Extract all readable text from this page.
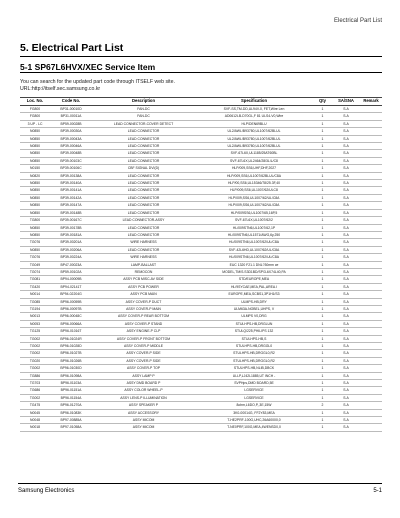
Electrical Part List
5. Electrical Part List
5-1 SP67L6HVX/XEC Service Item
You can search for the updated part code through ITSELF web site.
URL:http://itself.sec.samsung.co.kr
Loc. No.	Code No.	Description	Specification	Qty	SA/SNA	Remark
FG800	BP31-00010D	FAN-DC	SVF-SS,TM-DD,UL94V-0, FET,Wire Len	1	S.A	
FG800	BP31-00011A	FAN-DC	AD0612LB-D70GL,F 81 ULS4-V0,Wire	1	S.A	
3 UP - LC	BP59-00028B	LEAD CONNECTOR-COVER DETECT	HLP/DEN69BLU	1	S.A	
N0850	BP39-00030A	LEAD CONNECTOR	UL2/AWL/B93780,UL1007/62BLUL	1	S.A	
N0850	BP39-00043A	LEAD CONNECTOR	UL2/AWL/B93780,UL1007/62BLUL	1	S.A	
N0850	BP39-00046A	LEAD CONNECTOR	UL2/AWL/B93780,UL1007/62BLUL	1	S.A	
N0850	BP39-00048B	LEAD CONNECTOR	SVF-67L6X,UL1185/25AT60BL	1	S.A	
N0850	BP39-00103C	LEAD CONNECTOR	SVF-67L6X,UL2464/28/3L/L/C8	1	S.A	
N0150	BP39-00106C	CBF SIGNAL DVI(D)	HLP/009,SS6,UHF,DHF,2027	1	S.A	
N0820	BP39-00138A	LEAD CONNECTOR	HLP/009,SS6,UL1007/62BLUL/C8A	1	S.A	
N0850	BP39-00140A	LEAD CONNECTOR	HLP/00,SS6,UL15346/78/25.3F,40	1	S.A	
N0850	BP39-00141A	LEAD CONNECTOR	HLP/009,SS6,UL1007/62/ULC8	1	S.A	
N0850	BP39-00142A	LEAD CONNECTOR	HLP/009,SS6,UL1007/62/UL/C8A	1	S.A	
N0850	BP39-00147A	LEAD CONNECTOR	HLP/009,SS6,UL1007/62/UL/C8A	1	S.A	
N0850	BP39-00148B	LEAD CONNECTOR	HLP/009SS6,UL1007/65,16P,5	1	S.A	
TG800	BP39-00167C	LEAD CONNECTOR-ASSY	SVF-67L6X,UL1007/62/2	1	S.A	
N0850	BP39-00178B	LEAD CONNECTOR	HL/009STN6,UL1007/62,1P	1	S.A	
N0850	BP39-00181A	LEAD CONNECTOR	HL/009STN6,UL1571/AWG,6y,250	1	S.A	
TG076	BP39-00201A	WIRE HARNESS	HL/009STN6,UL1007/62/UL/C8A	1	S.A	
N0850	BP39-00206A	LEAD CONNECTOR	SVF-42L6HD,UL1007/62/UL/C8A	1	S.A	
TG076	BP39-00224A	WIRE HARNESS	HL/009STN6,UL1007/62/UL/C8A	1	S.A	
TG049	BP47-00023A	LAMP-BALLAST	EUC 1320 F21.1 DNL?30mm ce	1	S.A	
TG074	BP59-00102A	REMOCON	MODEL,TM/S.S3D1BD/SP/3-6X74L40,PA	1	S.A	
TG081	BP94-00009B	ASSY PCB MISC-AV SIDE	STD/EUROPE,MEA	1	S.A	
TG420	BP94-02141T	ASSY PCB POWER	HL/9SYCAE,MEA,PAL,AREA.I	1	S.A	
N0014	BP94-02204G	ASSY PCB MAIN	EUROPE,MEA,SCBS1,3P1H1/S3	1	S.A	
TG085	BP96-00059B	ASSY COVER-P DUCT	ULMPS-HB,DRY	1	S.A	
TG194	BP96-00097B	ASSY COVER-P MAIN	ULM63A-NOBEL,UHPS, V	1	S.A	
N0013	BP96-00048C	ASSY COVER-P REAR BOTTOM	ULMPS V0,DRG	1	S.A	
N0053	BP96-00066A	ASSY COVER-P STAND	STULHPS-HB,DRGLUN	1	S.A	
TG125	BP96-01016T	ASSY ENGINE-P CLP	STULQ/225,PHILIPS 132	1	S.A	
TG002	BP96-01024R	ASSY COVER-P FRONT BOTTOM	STULHPS-HB,S	1	S.A	
TG002	BP96-01028D	ASSY COVER-P MIDDLE	STULHPS-HB,DRGGL0	1	S.A	
TG002	BP96-01027B	ASSY COVER-P SIDE	STULHPS-HB,DRGGL0,R2	1	S.A	
TG020	BP96-01026B	ASSY COVER-P SIDE	STULHPS-HB,DRGGL0,R2	1	S.A	
TG002	BP96-01030D	ASSY COVER-P TOP	STULHPS-HB,NLIB,DBCK	1	S.A	
TG886	BP96-01098A	ASSY LAMP P	ULLP,LJ42L1885,UT INCH -	1	S.A	
TG703	BP96-01103A	ASSY DMD BOARD P	SVPHps,DMD BOARD,5E	1	S.A	
TG686	BP96-01151A	ASSY COLOR WHEEL-P	LGSERVICE	1	S.A	
TG002	BP96-01154A	ASSY LENS-P ILLUMINATION	LGSERVICE	1	S.A	
TG475	BP96-01270A	ASSY SPEAKER P	8ohm,L6DO,P,,3E,15W	2	S.A	
N0045	BP96-01083K	ASSY ACCESSORY	3K0-00014G, FF2Y83,MEA	1	S.A	
N0048	BP97-00885A	ASSY MICOM	T-HE2PRF-100G,UHC,26A60000,0	1	S.A	
N0018	BP97-01058A	ASSY MICOM	T-NE0PRF,100G,MEA,4WENSD0,0	1	S.A	
Samsung Electronics	5-1
